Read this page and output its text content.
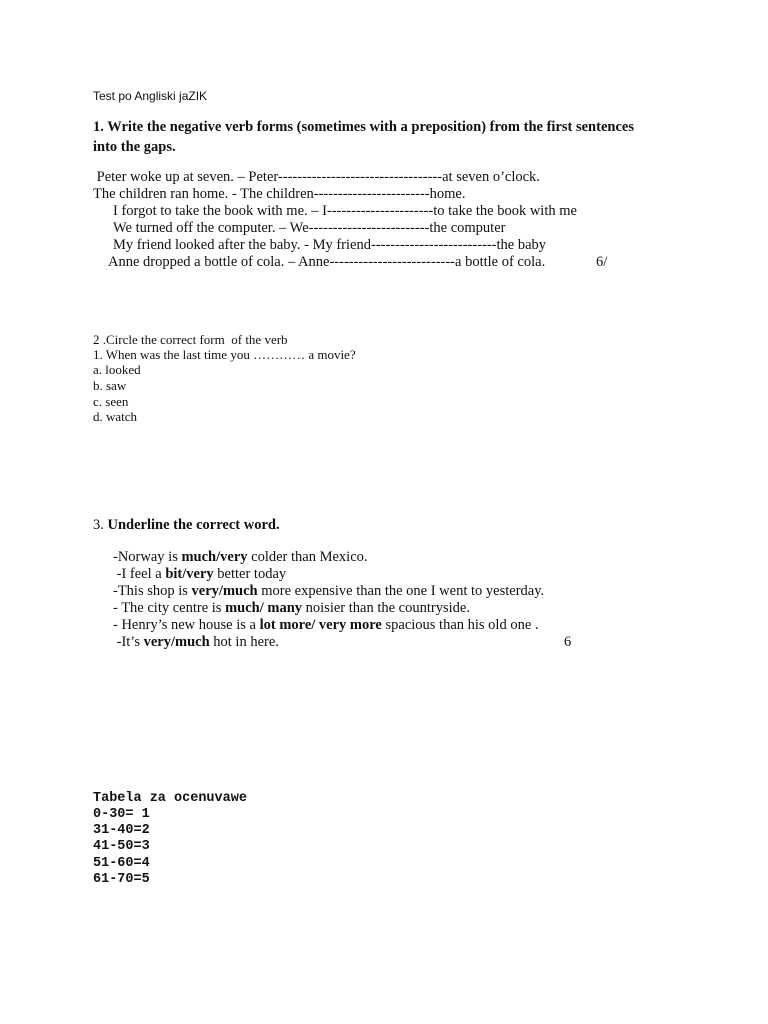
Test po Angliski jaZIK
1. Write the negative verb forms (sometimes with a preposition) from the first sentences
into the gaps.
Peter woke up at seven. – Peter----------------------------------at seven o’clock.
The children ran home. - The children------------------------home.
I forgot to take the book with me. – I----------------------to take the book with me
We turned off the computer. – We-------------------------the computer
My friend looked after the baby. - My friend--------------------------the baby
Anne dropped a bottle of cola. – Anne--------------------------a bottle of cola.	6/
2 .Circle the correct form  of the verb
1. When was the last time you ………… a movie?
a. looked
b. saw
c. seen
d. watch
3. Underline the correct word.
-Norway is much/very colder than Mexico.
-I feel a bit/very better today
-This shop is very/much more expensive than the one I went to yesterday.
- The city centre is much/ many noisier than the countryside.
- Henry’s new house is a lot more/ very more spacious than his old one .
-It’s very/much hot in here.	6
Tabela za ocenuvawe
0-30= 1
31-40=2
41-50=3
51-60=4
61-70=5
